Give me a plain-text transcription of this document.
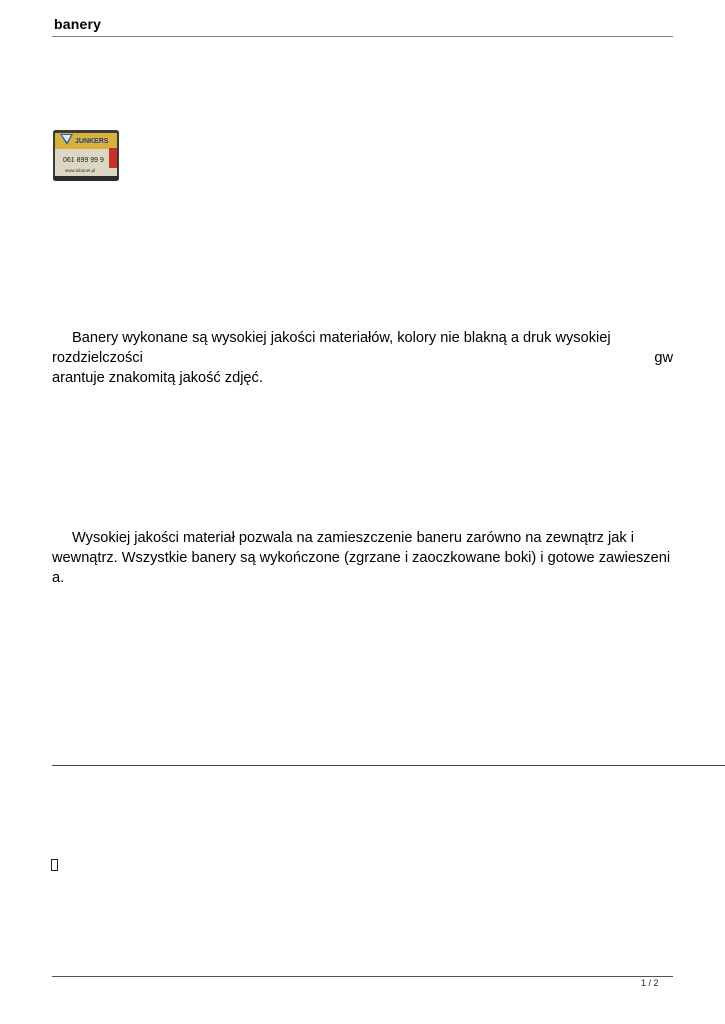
banery
JUNKERS
061 899 99 9
www.lubanet.pl
Banery wykonane są wysokiej jakości materiałów, kolory nie blakną a druk wysokiej
rozdzielczości	gw
arantuje znakomitą jakość zdjęć.
Wysokiej jakości materiał pozwala na zamieszczenie baneru zarówno na zewnątrz jak i
wewnątrz. Wszystkie banery są wykończone (zgrzane i zaoczkowane boki) i gotowe zawieszeni
a.
1 / 2
